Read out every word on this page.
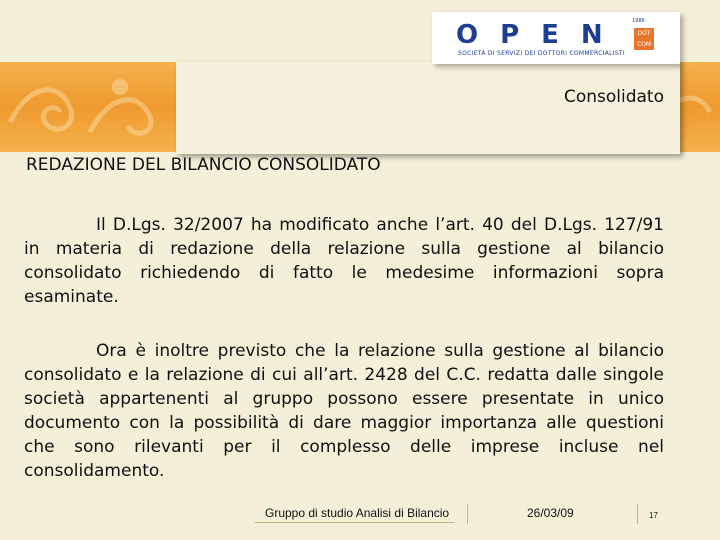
Consolidato
OPEN
SOCIETÀ DI SERVIZI DEI DOTTORI COMMERCIALISTI
1986
DOT COM
REDAZIONE DEL BILANCIO CONSOLIDATO

Il D.Lgs. 32/2007 ha modificato anche l’art. 40 del D.Lgs. 127/91 in materia di redazione della relazione sulla gestione al bilancio consolidato richiedendo di fatto le medesime informazioni sopra esaminate.

Ora è inoltre previsto che la relazione sulla gestione al bilancio consolidato e la relazione di cui all’art. 2428 del C.C. redatta dalle singole società appartenenti al gruppo possono essere presentate in unico documento con la possibilità di dare maggior importanza alle questioni che sono rilevanti per il complesso delle imprese incluse nel consolidamento.

Gruppo di studio Analisi di Bilancio	26/03/09	17
